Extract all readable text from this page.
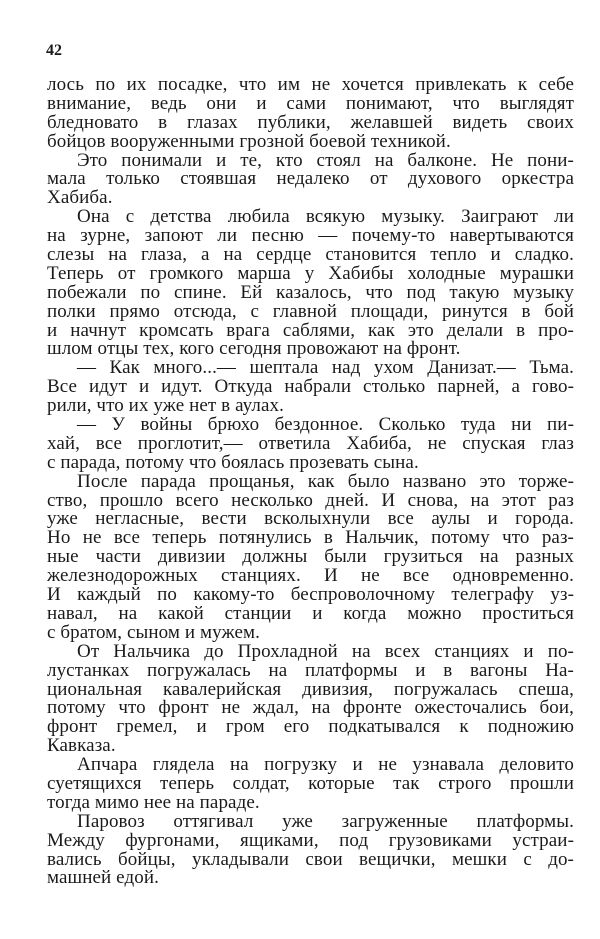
42
лось по их посадке, что им не хочется привлекать к себе
внимание, ведь они и сами понимают, что выглядят
бледновато в глазах публики, желавшей видеть своих
бойцов вооруженными грозной боевой техникой.
Это понимали и те, кто стоял на балконе. Не пони-
мала только стоявшая недалеко от духового оркестра
Хабиба.
Она с детства любила всякую музыку. Заиграют ли
на зурне, запоют ли песню — почему-то навертываются
слезы на глаза, а на сердце становится тепло и сладко.
Теперь от громкого марша у Хабибы холодные мурашки
побежали по спине. Ей казалось, что под такую музыку
полки прямо отсюда, с главной площади, ринутся в бой
и начнут кромсать врага саблями, как это делали в про-
шлом отцы тех, кого сегодня провожают на фронт.
— Как много...— шептала над ухом Данизат.— Тьма.
Все идут и идут. Откуда набрали столько парней, а гово-
рили, что их уже нет в аулах.
— У войны брюхо бездонное. Сколько туда ни пи-
хай, все проглотит,— ответила Хабиба, не спуская глаз
с парада, потому что боялась прозевать сына.
После парада прощанья, как было названо это торже-
ство, прошло всего несколько дней. И снова, на этот раз
уже негласные, вести всколыхнули все аулы и города.
Но не все теперь потянулись в Нальчик, потому что раз-
ные части дивизии должны были грузиться на разных
железнодорожных станциях. И не все одновременно.
И каждый по какому-то беспроволочному телеграфу уз-
навал, на какой станции и когда можно проститься
с братом, сыном и мужем.
От Нальчика до Прохладной на всех станциях и по-
лустанках погружалась на платформы и в вагоны На-
циональная кавалерийская дивизия, погружалась спеша,
потому что фронт не ждал, на фронте ожесточались бои,
фронт гремел, и гром его подкатывался к подножию
Кавказа.
Апчара глядела на погрузку и не узнавала деловито
суетящихся теперь солдат, которые так строго прошли
тогда мимо нее на параде.
Паровоз оттягивал уже загруженные платформы.
Между фургонами, ящиками, под грузовиками устраи-
вались бойцы, укладывали свои вещички, мешки с до-
машней едой.
